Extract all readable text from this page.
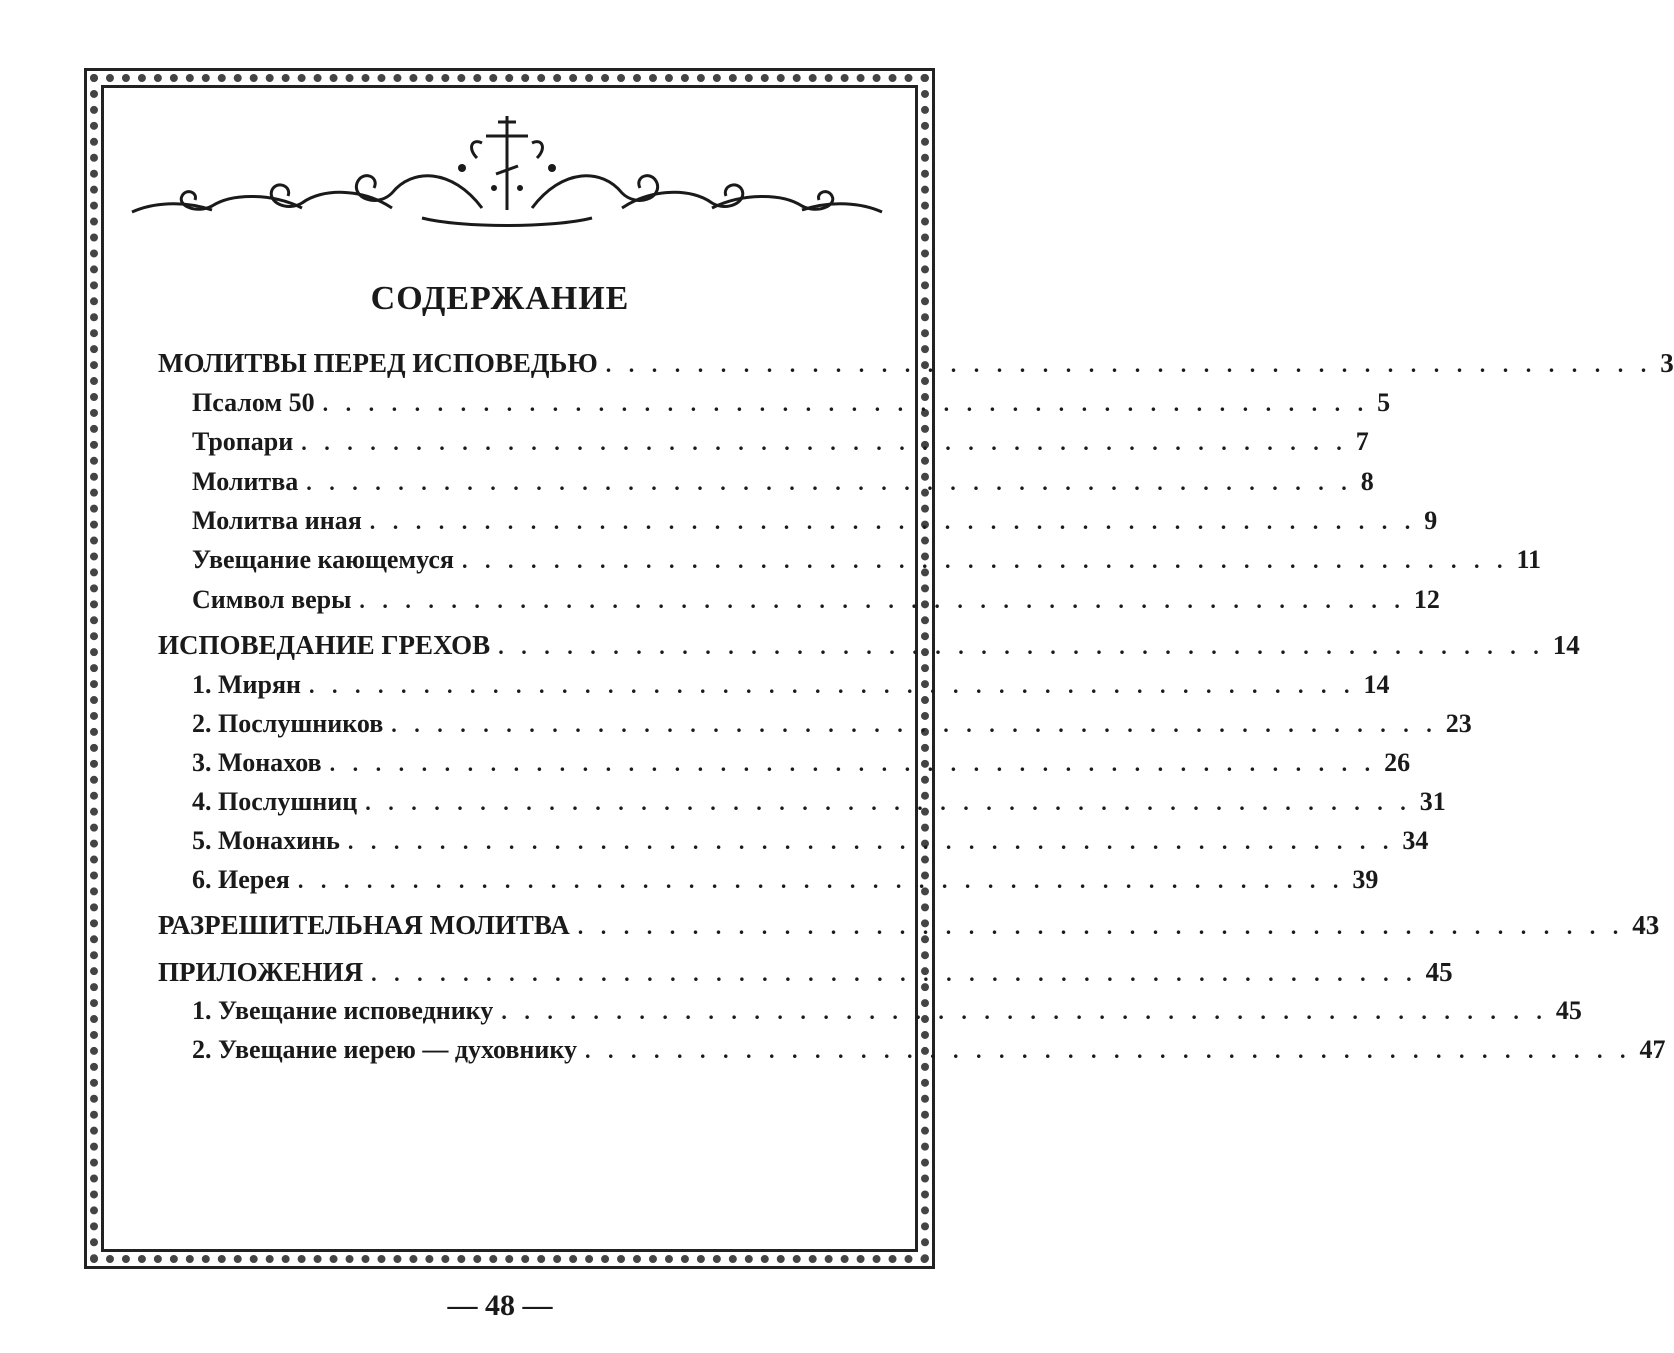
СОДЕРЖАНИЕ
МОЛИТВЫ ПЕРЕД ИСПОВЕДЬЮ . . . . . . . . . . . . . . . . . . . . . . . . . . . . . . . . . . . . . . . . . . . . . . 3
Псалом 50 . . . . . . . . . . . . . . . . . . . . . . . . . . . . . . . . . . . . . . . . . . . . . . 5
Тропари . . . . . . . . . . . . . . . . . . . . . . . . . . . . . . . . . . . . . . . . . . . . . . 7
Молитва . . . . . . . . . . . . . . . . . . . . . . . . . . . . . . . . . . . . . . . . . . . . . . 8
Молитва иная . . . . . . . . . . . . . . . . . . . . . . . . . . . . . . . . . . . . . . . . . . . . . . 9
Увещание кающемуся . . . . . . . . . . . . . . . . . . . . . . . . . . . . . . . . . . . . . . . . . . . . . . 11
Символ веры . . . . . . . . . . . . . . . . . . . . . . . . . . . . . . . . . . . . . . . . . . . . . . 12
ИСПОВЕДАНИЕ ГРЕХОВ . . . . . . . . . . . . . . . . . . . . . . . . . . . . . . . . . . . . . . . . . . . . . . 14
1. Мирян . . . . . . . . . . . . . . . . . . . . . . . . . . . . . . . . . . . . . . . . . . . . . . 14
2. Послушников . . . . . . . . . . . . . . . . . . . . . . . . . . . . . . . . . . . . . . . . . . . . . . 23
3. Монахов . . . . . . . . . . . . . . . . . . . . . . . . . . . . . . . . . . . . . . . . . . . . . . 26
4. Послушниц . . . . . . . . . . . . . . . . . . . . . . . . . . . . . . . . . . . . . . . . . . . . . . 31
5. Монахинь . . . . . . . . . . . . . . . . . . . . . . . . . . . . . . . . . . . . . . . . . . . . . . 34
6. Иерея . . . . . . . . . . . . . . . . . . . . . . . . . . . . . . . . . . . . . . . . . . . . . . 39
РАЗРЕШИТЕЛЬНАЯ МОЛИТВА . . . . . . . . . . . . . . . . . . . . . . . . . . . . . . . . . . . . . . . . . . . . . . 43
ПРИЛОЖЕНИЯ . . . . . . . . . . . . . . . . . . . . . . . . . . . . . . . . . . . . . . . . . . . . . . 45
1. Увещание исповеднику . . . . . . . . . . . . . . . . . . . . . . . . . . . . . . . . . . . . . . . . . . . . . . 45
2. Увещание иерею — духовнику . . . . . . . . . . . . . . . . . . . . . . . . . . . . . . . . . . . . . . . . . . . . . . 47
— 48 —
